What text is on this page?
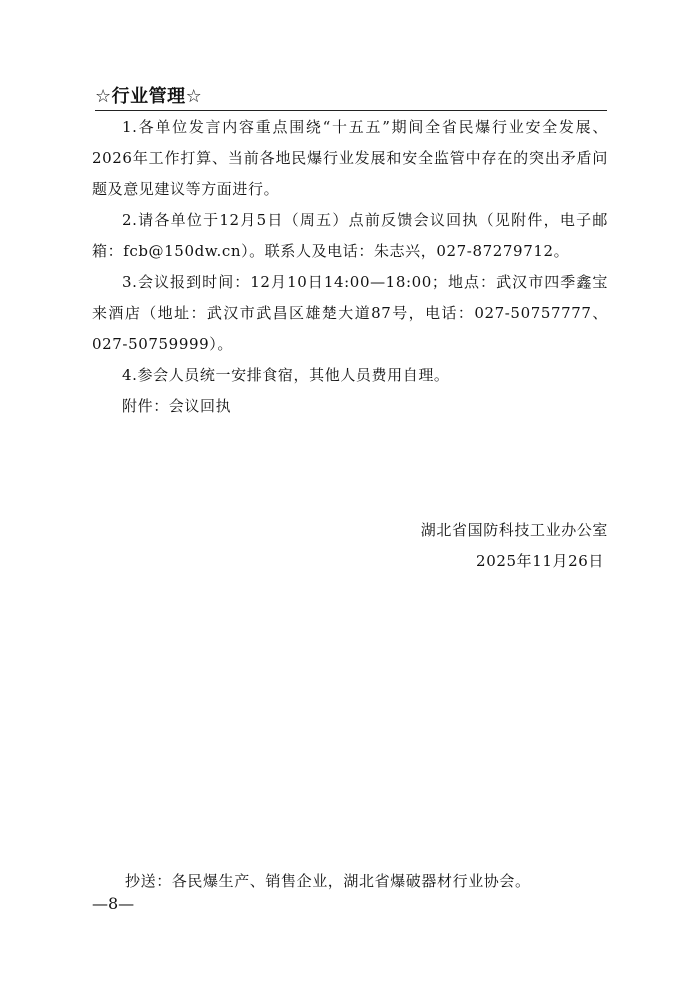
☆行业管理☆

1.各单位发言内容重点围绕“十五五”期间全省民爆行业安全发展、2026年工作打算、当前各地民爆行业发展和安全监管中存在的突出矛盾问题及意见建议等方面进行。

2.请各单位于12月5日（周五）点前反馈会议回执（见附件，电子邮箱：fcb@150dw.cn）。联系人及电话：朱志兴，027-87279712。

3.会议报到时间：12月10日14:00—18:00；地点：武汉市四季鑫宝来酒店（地址：武汉市武昌区雄楚大道87号，电话：027-50757777、027-50759999）。

4.参会人员统一安排食宿，其他人员费用自理。

附件：会议回执

湖北省国防科技工业办公室
2025年11月26日
抄送：各民爆生产、销售企业，湖北省爆破器材行业协会。
—8—
